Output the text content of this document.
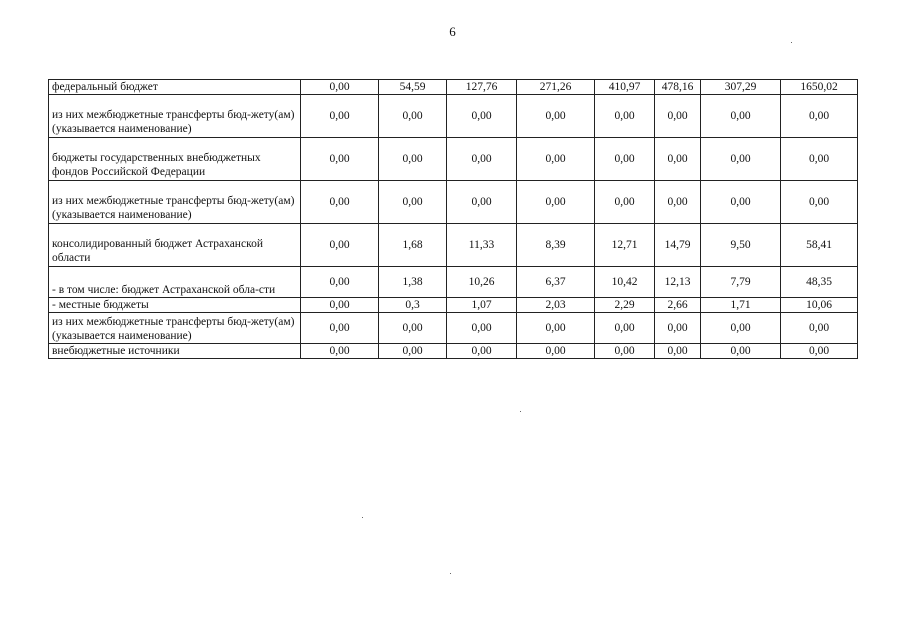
6
федеральный бюджет	0,00	54,59	127,76	271,26	410,97	478,16	307,29	1650,02
из них межбюджетные трансферты бюд-жету(ам) (указывается наименование)	0,00	0,00	0,00	0,00	0,00	0,00	0,00	0,00
бюджеты государственных внебюджетных фондов Российской Федерации	0,00	0,00	0,00	0,00	0,00	0,00	0,00	0,00
из них межбюджетные трансферты бюд-жету(ам) (указывается наименование)	0,00	0,00	0,00	0,00	0,00	0,00	0,00	0,00
консолидированный бюджет Астраханской области	0,00	1,68	11,33	8,39	12,71	14,79	9,50	58,41
- в том числе: бюджет Астраханской обла-сти	0,00	1,38	10,26	6,37	10,42	12,13	7,79	48,35
- местные бюджеты	0,00	0,3	1,07	2,03	2,29	2,66	1,71	10,06
из них межбюджетные трансферты бюд-жету(ам) (указывается наименование)	0,00	0,00	0,00	0,00	0,00	0,00	0,00	0,00
внебюджетные источники	0,00	0,00	0,00	0,00	0,00	0,00	0,00	0,00
